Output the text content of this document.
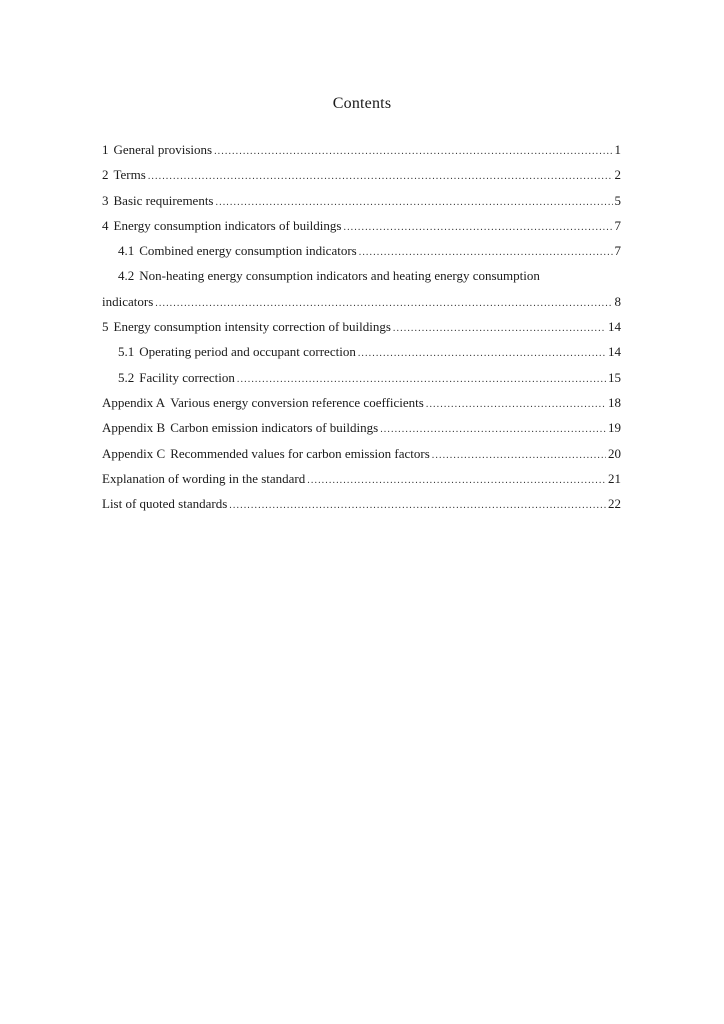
Contents
1 General provisions .....	1
2 Terms .....	2
3 Basic requirements .....	5
4 Energy consumption indicators of buildings .....	7
4.1 Combined energy consumption indicators .....	7
4.2 Non-heating energy consumption indicators and heating energy consumption
indicators .....	8
5 Energy consumption intensity correction of buildings .....	14
5.1 Operating period and occupant correction .....	14
5.2 Facility correction .....	15
Appendix A Various energy conversion reference coefficients .....	18
Appendix B Carbon emission indicators of buildings .....	19
Appendix C Recommended values for carbon emission factors .....	20
Explanation of wording in the standard .....	21
List of quoted standards .....	22
